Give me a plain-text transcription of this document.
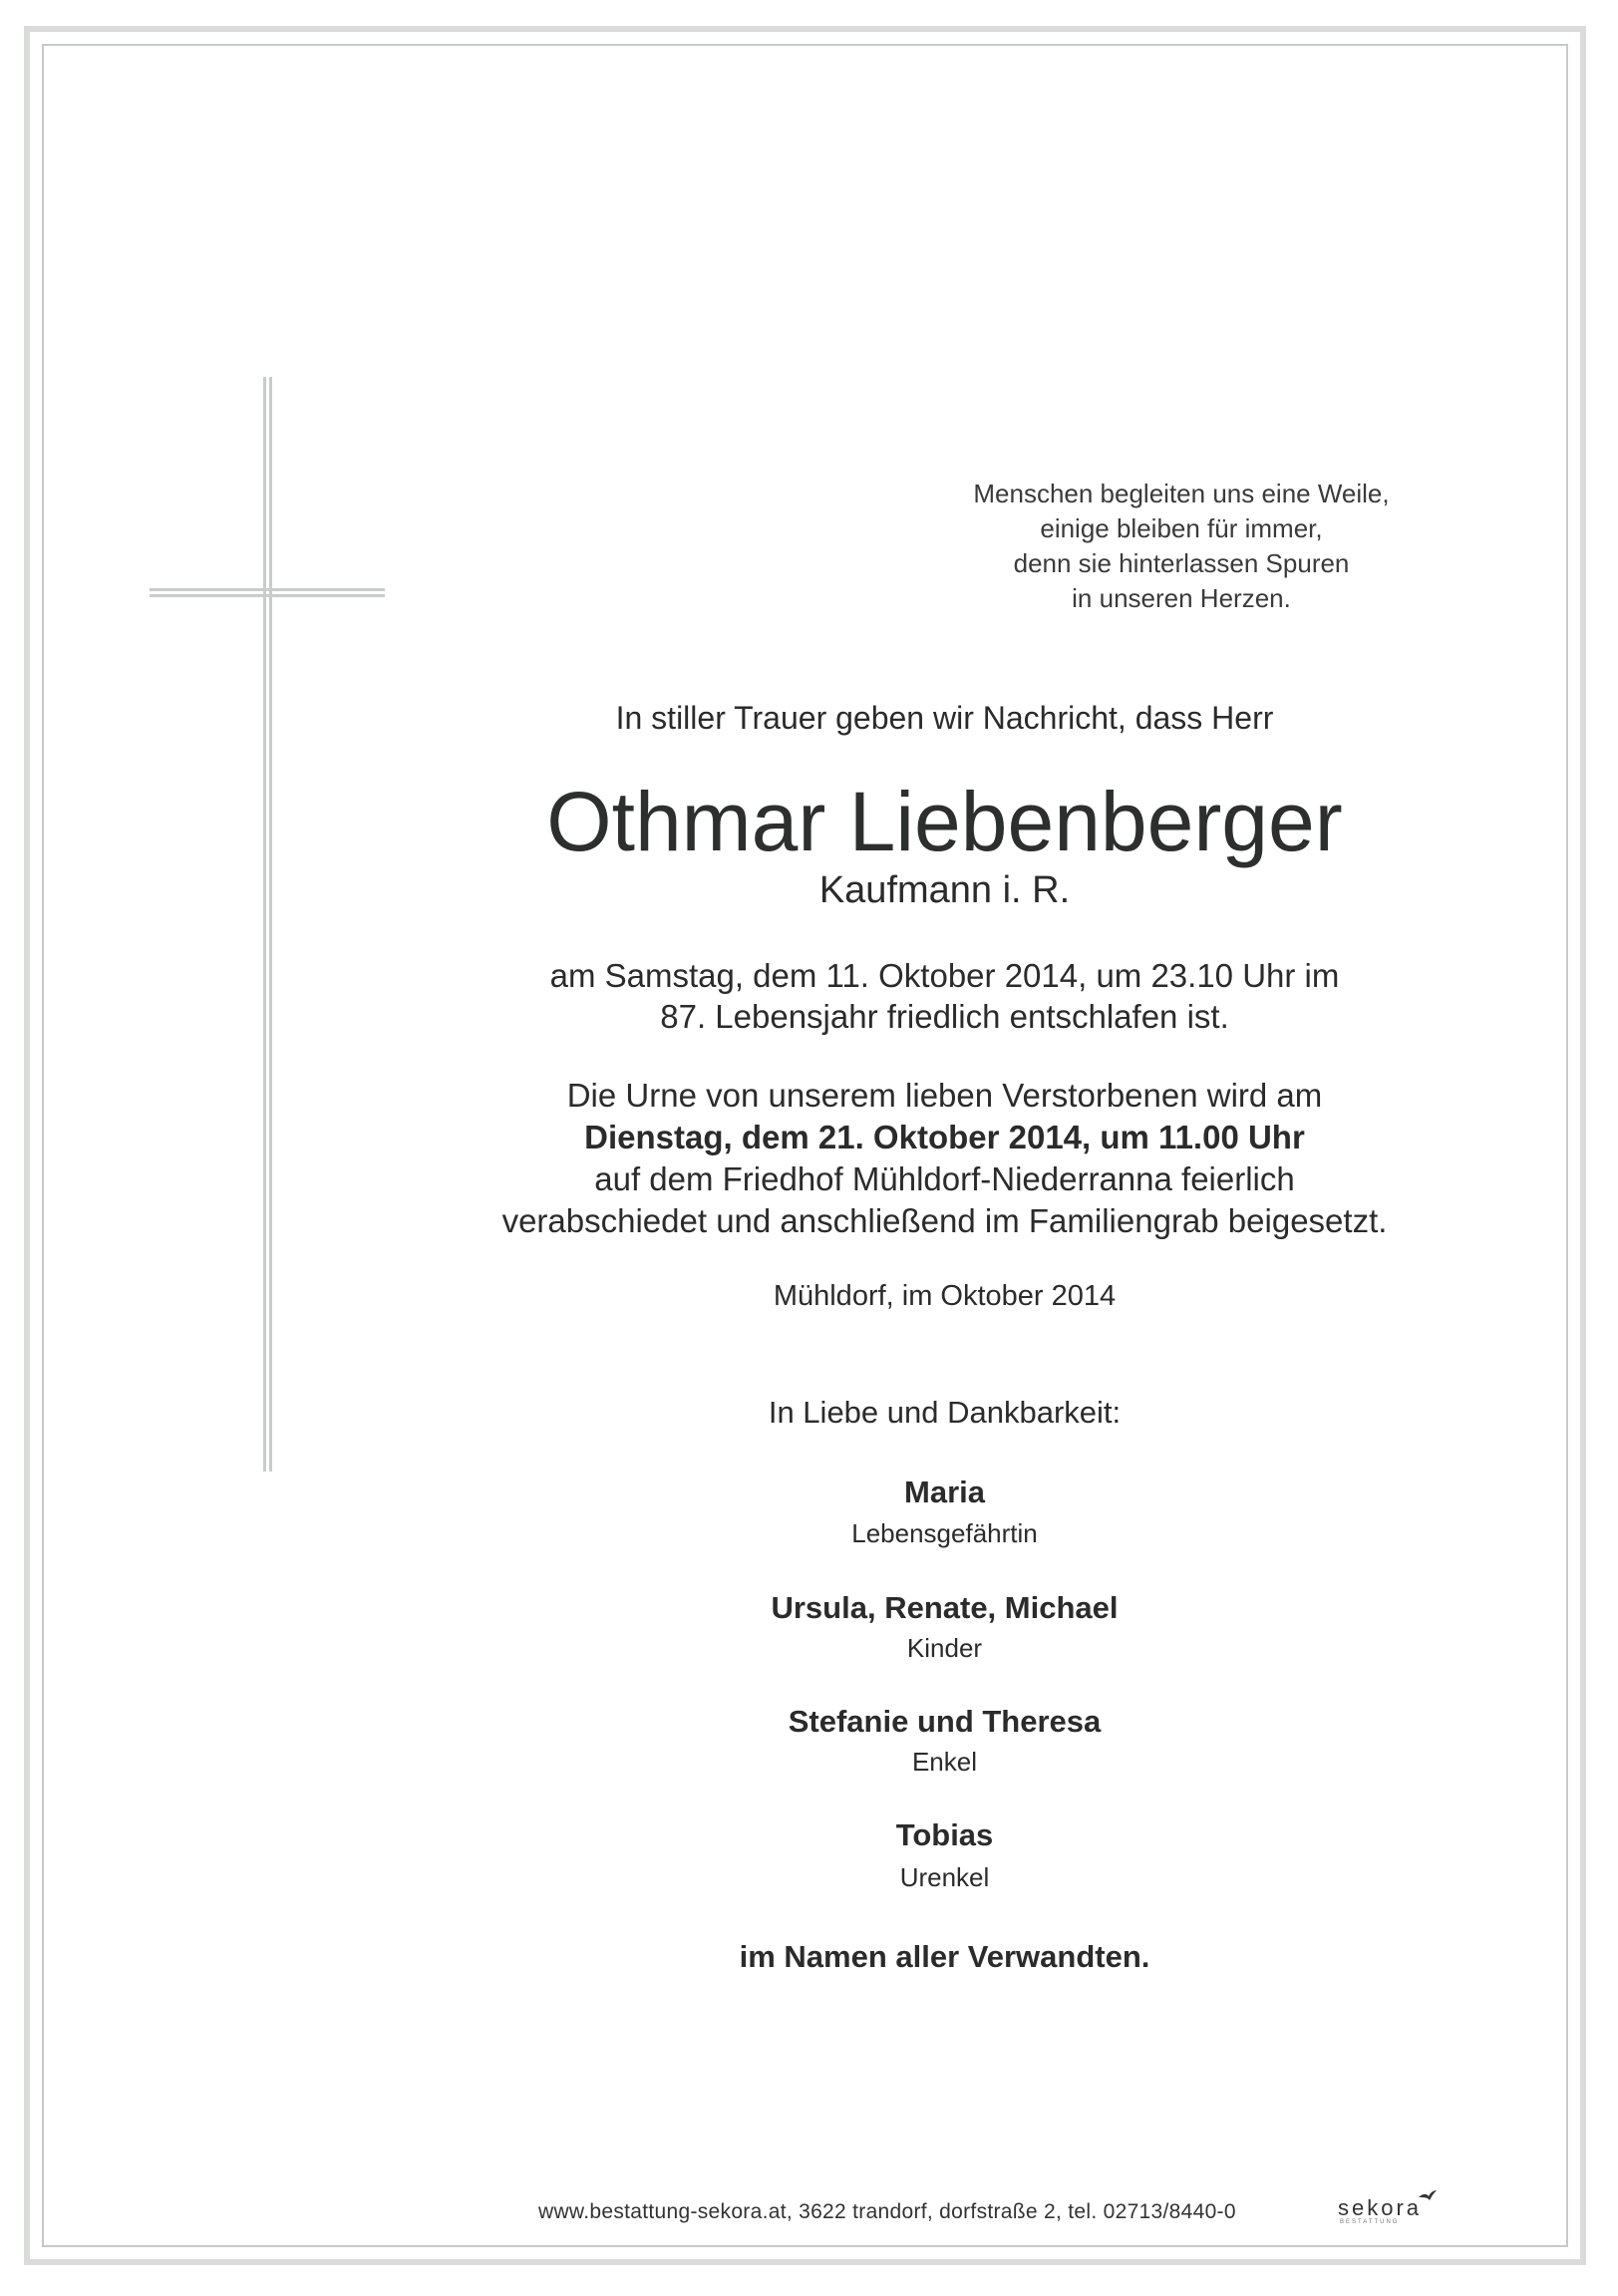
Menschen begleiten uns eine Weile,
einige bleiben für immer,
denn sie hinterlassen Spuren
in unseren Herzen.
In stiller Trauer geben wir Nachricht, dass Herr
Othmar Liebenberger
Kaufmann i. R.
am Samstag, dem 11. Oktober 2014, um 23.10 Uhr im
87. Lebensjahr friedlich entschlafen ist.
Die Urne von unserem lieben Verstorbenen wird am
Dienstag, dem 21. Oktober 2014, um 11.00 Uhr
auf dem Friedhof Mühldorf-Niederranna feierlich
verabschiedet und anschließend im Familiengrab beigesetzt.
Mühldorf, im Oktober 2014
In Liebe und Dankbarkeit:
Maria
Lebensgefährtin
Ursula, Renate, Michael
Kinder
Stefanie und Theresa
Enkel
Tobias
Urenkel
im Namen aller Verwandten.
www.bestattung-sekora.at, 3622 trandorf, dorfstraße 2, tel. 02713/8440-0	sekora
BESTATTUNG
